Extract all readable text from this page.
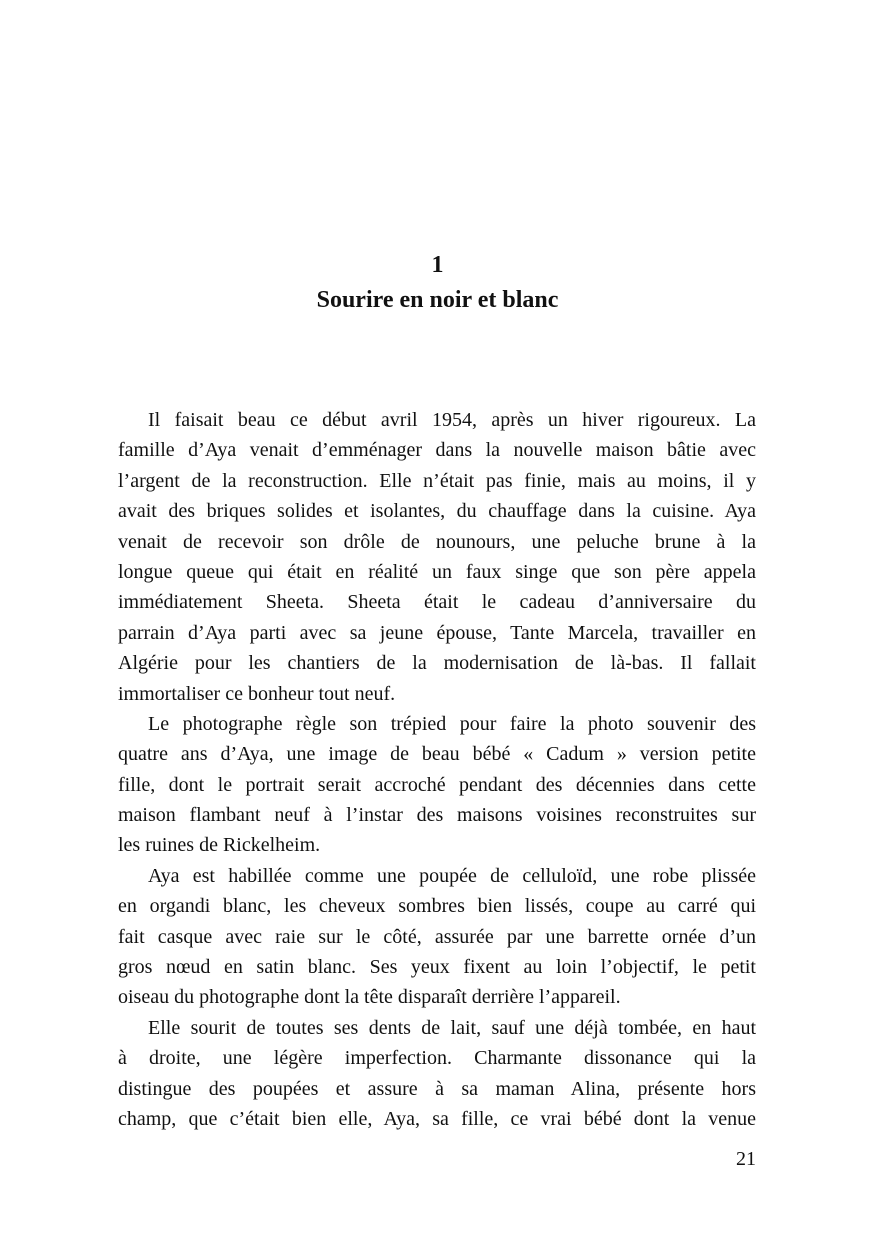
1
Sourire en noir et blanc
Il faisait beau ce début avril 1954, après un hiver rigoureux. La
famille d’Aya venait d’emménager dans la nouvelle maison bâtie avec
l’argent de la reconstruction. Elle n’était pas finie, mais au moins, il y
avait des briques solides et isolantes, du chauffage dans la cuisine. Aya
venait de recevoir son drôle de nounours, une peluche brune à la
longue queue qui était en réalité un faux singe que son père appela
immédiatement Sheeta. Sheeta était le cadeau d’anniversaire du
parrain d’Aya parti avec sa jeune épouse, Tante Marcela, travailler en
Algérie pour les chantiers de la modernisation de là-bas. Il fallait
immortaliser ce bonheur tout neuf.
Le photographe règle son trépied pour faire la photo souvenir des
quatre ans d’Aya, une image de beau bébé « Cadum » version petite
fille, dont le portrait serait accroché pendant des décennies dans cette
maison flambant neuf à l’instar des maisons voisines reconstruites sur
les ruines de Rickelheim.
Aya est habillée comme une poupée de celluloïd, une robe plissée
en organdi blanc, les cheveux sombres bien lissés, coupe au carré qui
fait casque avec raie sur le côté, assurée par une barrette ornée d’un
gros nœud en satin blanc. Ses yeux fixent au loin l’objectif, le petit
oiseau du photographe dont la tête disparaît derrière l’appareil.
Elle sourit de toutes ses dents de lait, sauf une déjà tombée, en haut
à droite, une légère imperfection. Charmante dissonance qui la
distingue des poupées et assure à sa maman Alina, présente hors
champ, que c’était bien elle, Aya, sa fille, ce vrai bébé dont la venue
21
